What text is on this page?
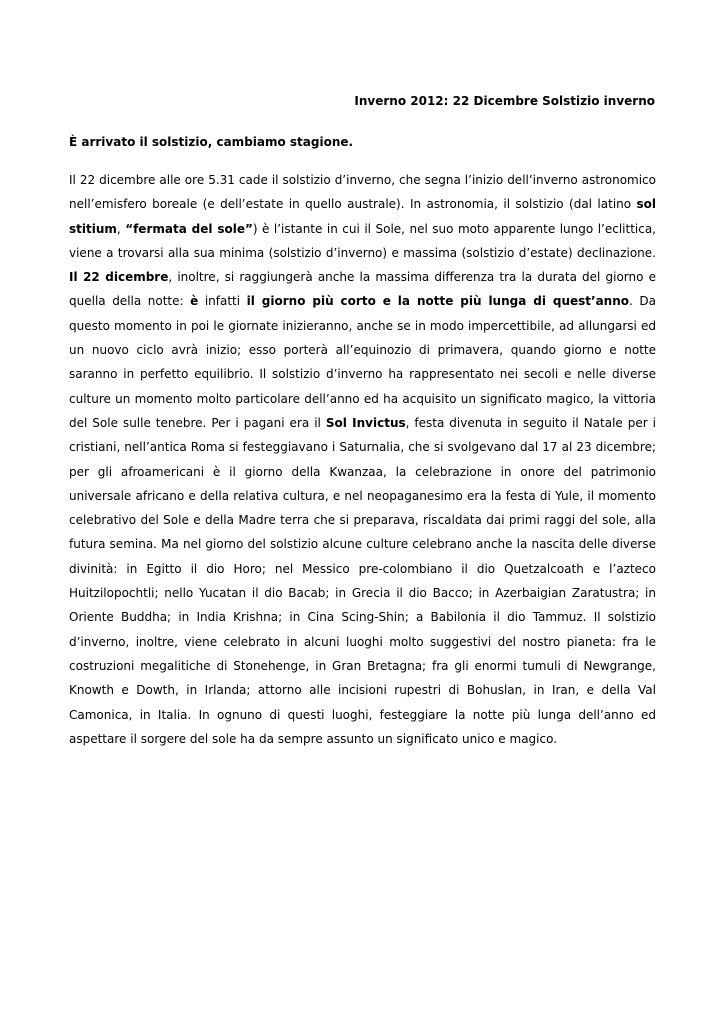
Inverno 2012: 22 Dicembre Solstizio inverno
È arrivato il solstizio, cambiamo stagione.

Il 22 dicembre alle ore 5.31 cade il solstizio d’inverno, che segna l’inizio dell’inverno astronomico nell’emisfero boreale (e dell’estate in quello australe). In astronomia, il solstizio (dal latino sol stitium, “fermata del sole”) è l’istante in cui il Sole, nel suo moto apparente lungo l’eclittica, viene a trovarsi alla sua minima (solstizio d’inverno) e massima (solstizio d’estate) declinazione. Il 22 dicembre, inoltre, si raggiungerà anche la massima differenza tra la durata del giorno e quella della notte: è infatti il giorno più corto e la notte più lunga di quest’anno. Da questo momento in poi le giornate inizieranno, anche se in modo impercettibile, ad allungarsi ed un nuovo ciclo avrà inizio; esso porterà all’equinozio di primavera, quando giorno e notte saranno in perfetto equilibrio. Il solstizio d’inverno ha rappresentato nei secoli e nelle diverse culture un momento molto particolare dell’anno ed ha acquisito un significato magico, la vittoria del Sole sulle tenebre. Per i pagani era il Sol Invictus, festa divenuta in seguito il Natale per i cristiani, nell’antica Roma si festeggiavano i Saturnalia, che si svolgevano dal 17 al 23 dicembre; per gli afroamericani è il giorno della Kwanzaa, la celebrazione in onore del patrimonio universale africano e della relativa cultura, e nel neopaganesimo era la festa di Yule, il momento celebrativo del Sole e della Madre terra che si preparava, riscaldata dai primi raggi del sole, alla futura semina. Ma nel giorno del solstizio alcune culture celebrano anche la nascita delle diverse divinità: in Egitto il dio Horo; nel Messico pre-colombiano il dio Quetzalcoath e l’azteco Huitzilopochtli; nello Yucatan il dio Bacab; in Grecia il dio Bacco; in Azerbaigian Zaratustra; in Oriente Buddha; in India Krishna; in Cina Scing-Shin; a Babilonia il dio Tammuz. Il solstizio d’inverno, inoltre, viene celebrato in alcuni luoghi molto suggestivi del nostro pianeta: fra le costruzioni megalitiche di Stonehenge, in Gran Bretagna; fra gli enormi tumuli di Newgrange, Knowth e Dowth, in Irlanda; attorno alle incisioni rupestri di Bohuslan, in Iran, e della Val Camonica, in Italia. In ognuno di questi luoghi, festeggiare la notte più lunga dell’anno ed aspettare il sorgere del sole ha da sempre assunto un significato unico e magico.
